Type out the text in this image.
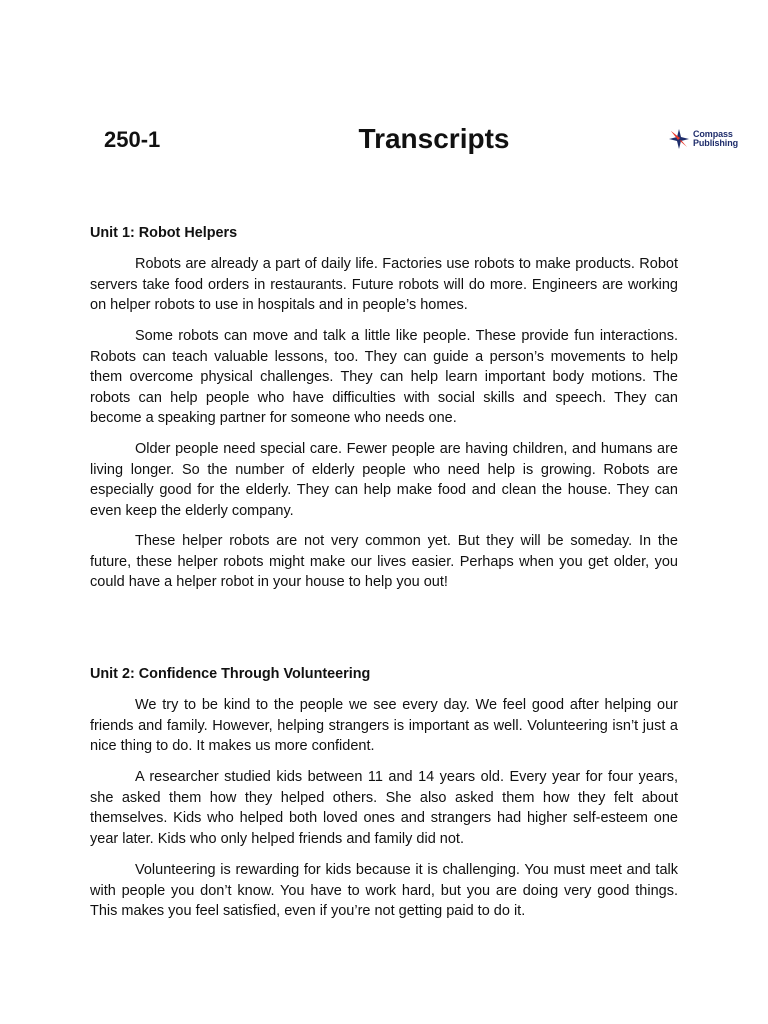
250-1	Transcripts	Compass
Publishing
Unit 1: Robot Helpers

Robots are already a part of daily life. Factories use robots to make products. Robot servers take food orders in restaurants. Future robots will do more. Engineers are working on helper robots to use in hospitals and in people’s homes.

Some robots can move and talk a little like people. These provide fun interactions. Robots can teach valuable lessons, too. They can guide a person’s movements to help them overcome physical challenges. They can help learn important body motions. The robots can help people who have difficulties with social skills and speech. They can become a speaking partner for someone who needs one.

Older people need special care. Fewer people are having children, and humans are living longer. So the number of elderly people who need help is growing. Robots are especially good for the elderly. They can help make food and clean the house. They can even keep the elderly company.

These helper robots are not very common yet. But they will be someday. In the future, these helper robots might make our lives easier. Perhaps when you get older, you could have a helper robot in your house to help you out!

Unit 2: Confidence Through Volunteering

We try to be kind to the people we see every day. We feel good after helping our friends and family. However, helping strangers is important as well. Volunteering isn’t just a nice thing to do. It makes us more confident.

A researcher studied kids between 11 and 14 years old. Every year for four years, she asked them how they helped others. She also asked them how they felt about themselves. Kids who helped both loved ones and strangers had higher self-esteem one year later. Kids who only helped friends and family did not.

Volunteering is rewarding for kids because it is challenging. You must meet and talk with people you don’t know. You have to work hard, but you are doing very good things. This makes you feel satisfied, even if you’re not getting paid to do it.
